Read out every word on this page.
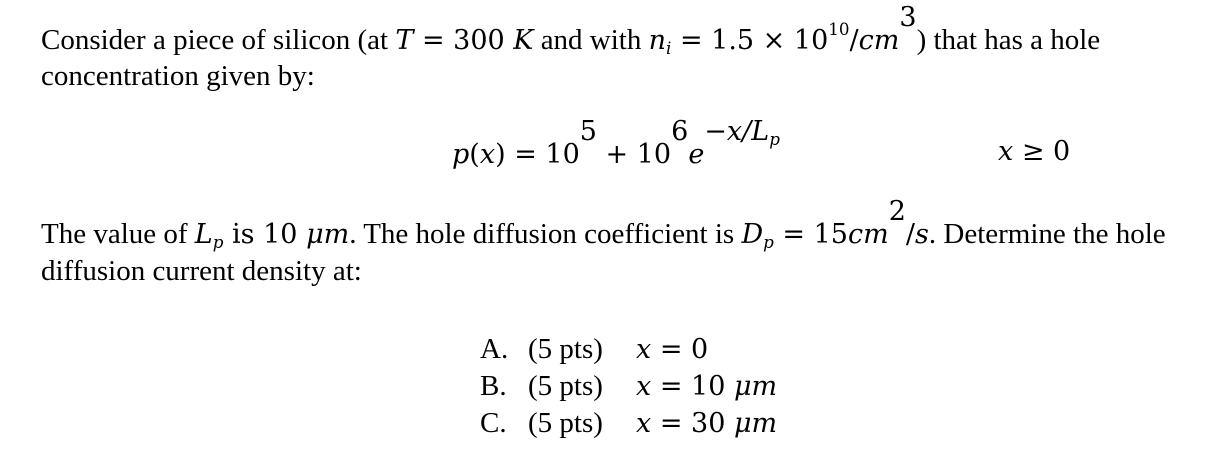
Consider a piece of silicon (at T = 300 K and with $n_i = 1.5 \times 10^{10}/cm^3$) that has a hole
concentration given by:
$p(x) = 10^5 + 10^6e^{-x/L_p}$	x ≥ 0
The value of $L_p$ is 10 μm. The hole diffusion coefficient is $D_p = 15cm^2/s$. Determine the hole
diffusion current density at:
A. (5 pts) x = 0
B. (5 pts) x = 10 μm
C. (5 pts) x = 30 μm
